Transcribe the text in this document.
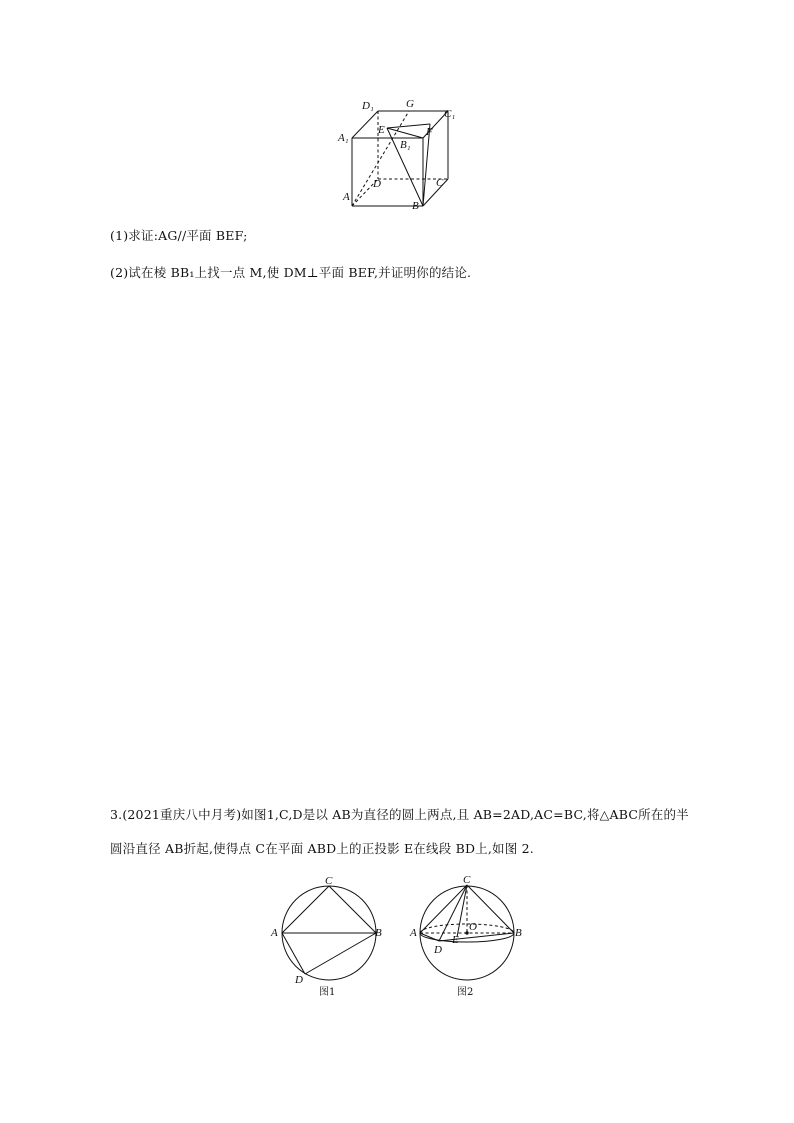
D₁	G
C₁
A₁
E	F
B₁
D	C
A
B
(1)求证:AG∕∕平面 BEF;
(2)试在棱 BB₁上找一点 M,使 DM⊥平面 BEF,并证明你的结论.
3.(2021重庆八中月考)如图1,C,D是以 AB为直径的圆上两点,且 AB=2AD,AC=BC,将△ABC所在的半
圆沿直径 AB折起,使得点 C在平面 ABD上的正投影 E在线段 BD上,如图 2.
C
A	B
D
图1
C
O
A
E
B
D
图2
